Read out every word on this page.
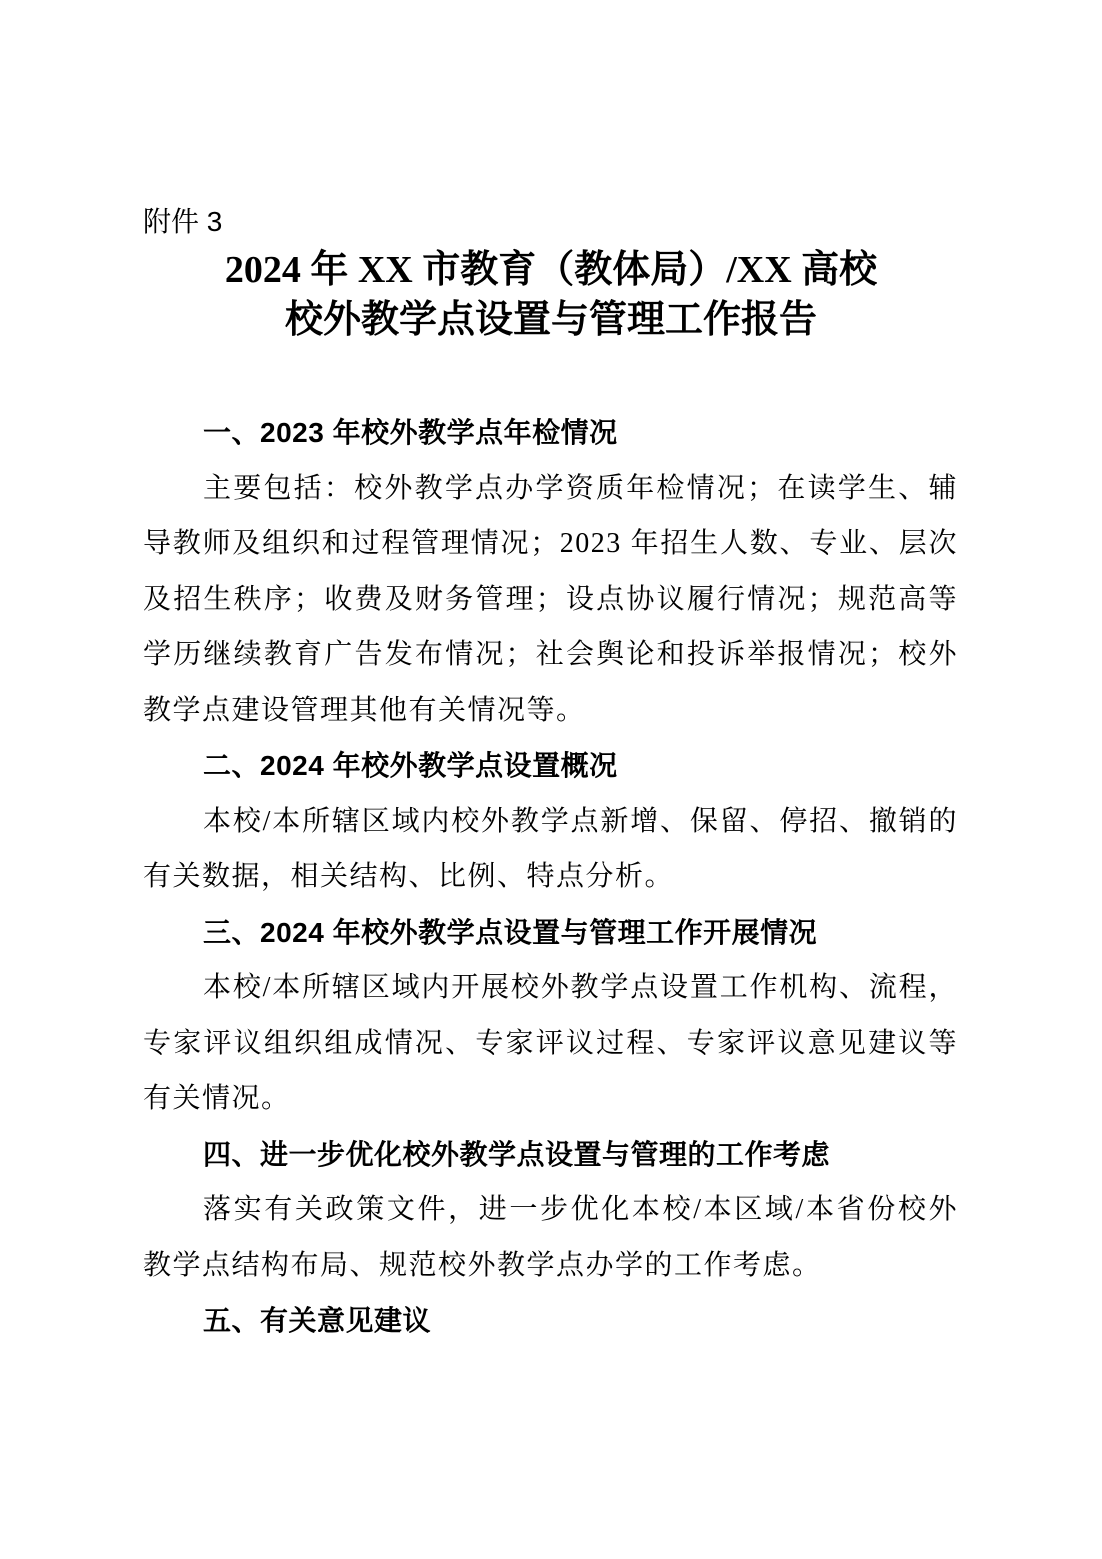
附件 3
2024 年 XX 市教育（教体局）/XX 高校
校外教学点设置与管理工作报告
一、2023 年校外教学点年检情况

主要包括：校外教学点办学资质年检情况；在读学生、辅导教师及组织和过程管理情况；2023 年招生人数、专业、层次及招生秩序；收费及财务管理；设点协议履行情况；规范高等学历继续教育广告发布情况；社会舆论和投诉举报情况；校外教学点建设管理其他有关情况等。

二、2024 年校外教学点设置概况

本校/本所辖区域内校外教学点新增、保留、停招、撤销的有关数据，相关结构、比例、特点分析。

三、2024 年校外教学点设置与管理工作开展情况

本校/本所辖区域内开展校外教学点设置工作机构、流程，专家评议组织组成情况、专家评议过程、专家评议意见建议等有关情况。

四、进一步优化校外教学点设置与管理的工作考虑

落实有关政策文件，进一步优化本校/本区域/本省份校外教学点结构布局、规范校外教学点办学的工作考虑。

五、有关意见建议
